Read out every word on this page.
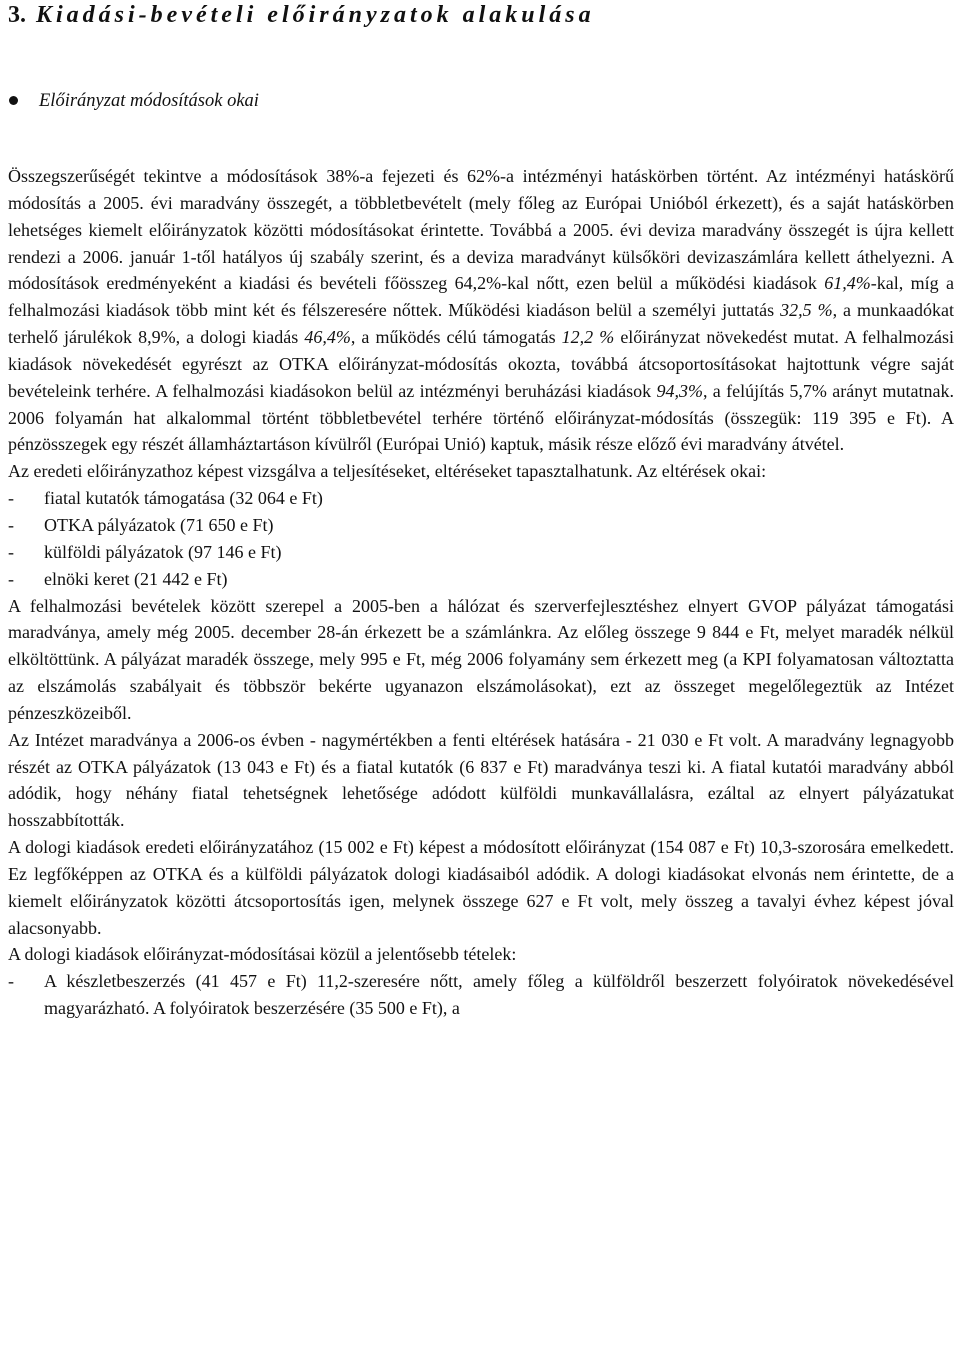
3. Kiadási-bevételi előirányzatok alakulása
Előirányzat módosítások okai

Összegszerűségét tekintve a módosítások 38%-a fejezeti és 62%-a intézményi hatáskörben történt. Az intézményi hatáskörű módosítás a 2005. évi maradvány összegét, a többletbevételt (mely főleg az Európai Unióból érkezett), és a saját hatáskörben lehetséges kiemelt előirányzatok közötti módosításokat érintette. Továbbá a 2005. évi deviza maradvány összegét is újra kellett rendezi a 2006. január 1-től hatályos új szabály szerint, és a deviza maradványt külsőköri devizaszámlára kellett áthelyezni. A módosítások eredményeként a kiadási és bevételi főösszeg 64,2%-kal nőtt, ezen belül a működési kiadások 61,4%-kal, míg a felhalmozási kiadások több mint két és félszeresére nőttek. Működési kiadáson belül a személyi juttatás 32,5 %, a munkaadókat terhelő járulékok 8,9%, a dologi kiadás 46,4%, a működés célú támogatás 12,2 % előirányzat növekedést mutat. A felhalmozási kiadások növekedését egyrészt az OTKA előirányzat-módosítás okozta, továbbá átcsoportosításokat hajtottunk végre saját bevételeink terhére. A felhalmozási kiadásokon belül az intézményi beruházási kiadások 94,3%, a felújítás 5,7% arányt mutatnak. 2006 folyamán hat alkalommal történt többletbevétel terhére történő előirányzat-módosítás (összegük: 119 395 e Ft). A pénzösszegek egy részét államháztartáson kívülről (Európai Unió) kaptuk, másik része előző évi maradvány átvétel.

Az eredeti előirányzathoz képest vizsgálva a teljesítéseket, eltéréseket tapasztalhatunk. Az eltérések okai:

- fiatal kutatók támogatása (32 064 e Ft)
- OTKA pályázatok (71 650 e Ft)
- külföldi pályázatok (97 146 e Ft)
- elnöki keret (21 442 e Ft)

A felhalmozási bevételek között szerepel a 2005-ben a hálózat és szerverfejlesztéshez elnyert GVOP pályázat támogatási maradványa, amely még 2005. december 28-án érkezett be a számlánkra. Az előleg összege 9 844 e Ft, melyet maradék nélkül elköltöttünk. A pályázat maradék összege, mely 995 e Ft, még 2006 folyamány sem érkezett meg (a KPI folyamatosan változtatta az elszámolás szabályait és többször bekérte ugyanazon elszámolásokat), ezt az összeget megelőlegeztük az Intézet pénzeszközeiből.

Az Intézet maradványa a 2006-os évben - nagymértékben a fenti eltérések hatására - 21 030 e Ft volt. A maradvány legnagyobb részét az OTKA pályázatok (13 043 e Ft) és a fiatal kutatók (6 837 e Ft) maradványa teszi ki. A fiatal kutatói maradvány abból adódik, hogy néhány fiatal tehetségnek lehetősége adódott külföldi munkavállalásra, ezáltal az elnyert pályázatukat hosszabbították.

A dologi kiadások eredeti előirányzatához (15 002 e Ft) képest a módosított előirányzat (154 087 e Ft) 10,3-szorosára emelkedett. Ez legfőképpen az OTKA és a külföldi pályázatok dologi kiadásaiból adódik. A dologi kiadásokat elvonás nem érintette, de a kiemelt előirányzatok közötti átcsoportosítás igen, melynek összege 627 e Ft volt, mely összeg a tavalyi évhez képest jóval alacsonyabb.

A dologi kiadások előirányzat-módosításai közül a jelentősebb tételek:

- A készletbeszerzés (41 457 e Ft) 11,2-szeresére nőtt, amely főleg a külföldről beszerzett folyóiratok növekedésével magyarázható. A folyóiratok beszerzésére (35 500 e Ft), a
